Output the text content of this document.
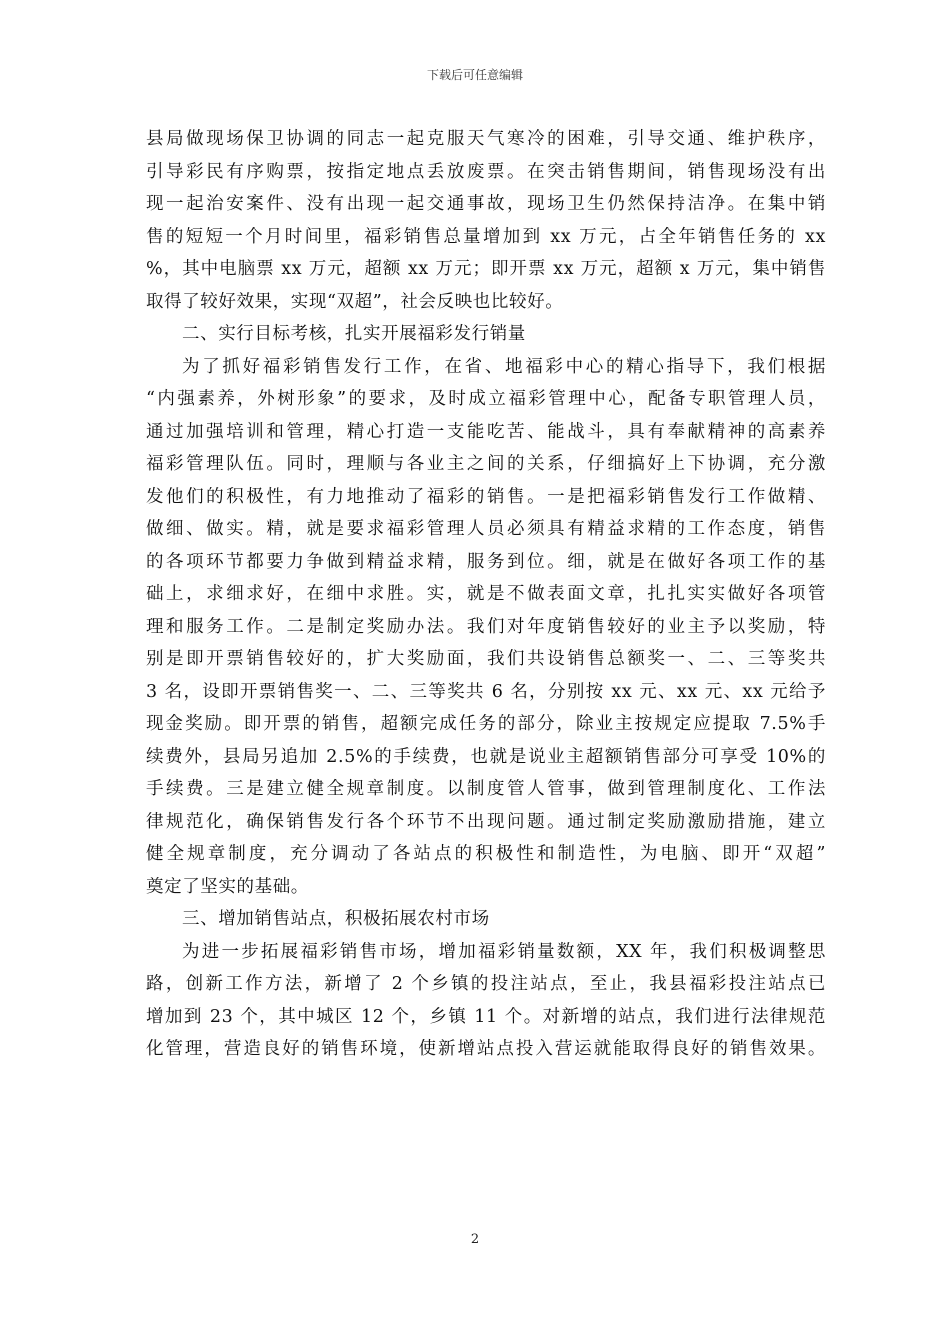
下载后可任意编辑
县局做现场保卫协调的同志一起克服天气寒冷的困难，引导交通、维护秩序，
引导彩民有序购票，按指定地点丢放废票。在突击销售期间，销售现场没有出
现一起治安案件、没有出现一起交通事故，现场卫生仍然保持洁净。在集中销
售的短短一个月时间里，福彩销售总量增加到 xx 万元，占全年销售任务的 xx
%，其中电脑票 xx 万元，超额 xx 万元；即开票 xx 万元，超额 x 万元，集中销售
取得了较好效果，实现“双超”，社会反映也比较好。
二、实行目标考核，扎实开展福彩发行销量
为了抓好福彩销售发行工作，在省、地福彩中心的精心指导下，我们根据
“内强素养，外树形象”的要求，及时成立福彩管理中心，配备专职管理人员，
通过加强培训和管理，精心打造一支能吃苦、能战斗，具有奉献精神的高素养
福彩管理队伍。同时，理顺与各业主之间的关系，仔细搞好上下协调，充分激
发他们的积极性，有力地推动了福彩的销售。一是把福彩销售发行工作做精、
做细、做实。精，就是要求福彩管理人员必须具有精益求精的工作态度，销售
的各项环节都要力争做到精益求精，服务到位。细，就是在做好各项工作的基
础上，求细求好，在细中求胜。实，就是不做表面文章，扎扎实实做好各项管
理和服务工作。二是制定奖励办法。我们对年度销售较好的业主予以奖励，特
别是即开票销售较好的，扩大奖励面，我们共设销售总额奖一、二、三等奖共
3 名，设即开票销售奖一、二、三等奖共 6 名，分别按 xx 元、xx 元、xx 元给予
现金奖励。即开票的销售，超额完成任务的部分，除业主按规定应提取 7.5%手
续费外，县局另追加 2.5%的手续费，也就是说业主超额销售部分可享受 10%的
手续费。三是建立健全规章制度。以制度管人管事，做到管理制度化、工作法
律规范化，确保销售发行各个环节不出现问题。通过制定奖励激励措施，建立
健全规章制度，充分调动了各站点的积极性和制造性，为电脑、即开“双超”
奠定了坚实的基础。
三、增加销售站点，积极拓展农村市场
为进一步拓展福彩销售市场，增加福彩销量数额，XX 年，我们积极调整思
路，创新工作方法，新增了 2 个乡镇的投注站点，至止，我县福彩投注站点已
增加到 23 个，其中城区 12 个，乡镇 11 个。对新增的站点，我们进行法律规范
化管理，营造良好的销售环境，使新增站点投入营运就能取得良好的销售效果。
2
